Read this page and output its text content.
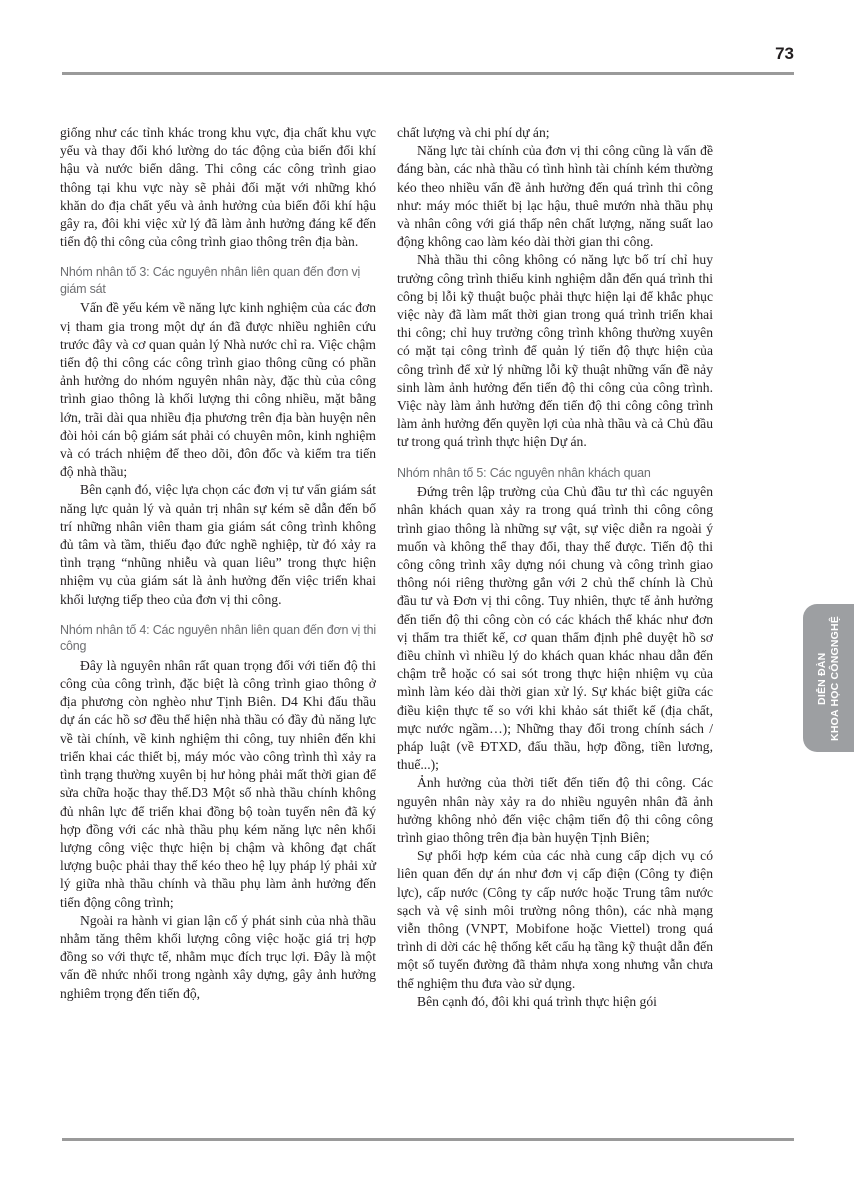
73

giống như các tỉnh khác trong khu vực, địa chất khu vực yếu và thay đổi khó lường do tác động của biến đổi khí hậu và nước biển dâng. Thi công các công trình giao thông tại khu vực này sẽ phải đối mặt với những khó khăn do địa chất yếu và ảnh hưởng của biến đổi khí hậu gây ra, đôi khi việc xử lý đã làm ảnh hưởng đáng kể đến tiến độ thi công của công trình giao thông trên địa bàn.

Nhóm nhân tố 3: Các nguyên nhân liên quan đến đơn vị giám sát

Vấn đề yếu kém về năng lực kinh nghiệm của các đơn vị tham gia trong một dự án đã được nhiều nghiên cứu trước đây và cơ quan quản lý Nhà nước chỉ ra. Việc chậm tiến độ thi công các công trình giao thông cũng có phần ảnh hưởng do nhóm nguyên nhân này, đặc thù của công trình giao thông là khối lượng thi công nhiều, mặt bằng lớn, trãi dài qua nhiều địa phương trên địa bàn huyện nên đòi hỏi cán bộ giám sát phải có chuyên môn, kinh nghiệm và có trách nhiệm để theo dõi, đôn đốc và kiểm tra tiến độ nhà thầu;

Bên cạnh đó, việc lựa chọn các đơn vị tư vấn giám sát năng lực quản lý và quản trị nhân sự kém sẽ dẫn đến bố trí những nhân viên tham gia giám sát công trình không đủ tâm và tầm, thiếu đạo đức nghề nghiệp, từ đó xảy ra tình trạng “nhũng nhiễu và quan liêu” trong thực hiện nhiệm vụ của giám sát là ảnh hưởng đến việc triển khai khối lượng tiếp theo của đơn vị thi công.

Nhóm nhân tố 4: Các nguyên nhân liên quan đến đơn vị thi công

Đây là nguyên nhân rất quan trọng đối với tiến độ thi công của công trình, đặc biệt là công trình giao thông ở địa phương còn nghèo như Tịnh Biên. D4 Khi đấu thầu dự án các hồ sơ đều thể hiện nhà thầu có đầy đủ năng lực về tài chính, về kinh nghiệm thi công, tuy nhiên đến khi triển khai các thiết bị, máy móc vào công trình thì xảy ra tình trạng thường xuyên bị hư hỏng phải mất thời gian để sửa chữa hoặc thay thế.D3 Một số nhà thầu chính không đủ nhân lực để triển khai đồng bộ toàn tuyến nên đã ký hợp đồng với các nhà thầu phụ kém năng lực nên khối lượng công việc thực hiện bị chậm và không đạt chất lượng buộc phải thay thế kéo theo hệ lụy pháp lý phải xử lý giữa nhà thầu chính và thầu phụ làm ảnh hưởng đến tiến động công trình;

Ngoài ra hành vi gian lận cố ý phát sinh của nhà thầu nhằm tăng thêm khối lượng công việc hoặc giá trị hợp đồng so với thực tế, nhằm mục đích trục lợi. Đây là một vấn đề nhức nhối trong ngành xây dựng, gây ảnh hưởng nghiêm trọng đến tiến độ,

chất lượng và chi phí dự án;

Năng lực tài chính của đơn vị thi công cũng là vấn đề đáng bàn, các nhà thầu có tình hình tài chính kém thường kéo theo nhiều vấn đề ảnh hưởng đến quá trình thi công như: máy móc thiết bị lạc hậu, thuê mướn nhà thầu phụ và nhân công với giá thấp nên chất lượng, năng suất lao động không cao làm kéo dài thời gian thi công.

Nhà thầu thi công không có năng lực bố trí chỉ huy trưởng công trình thiếu kinh nghiệm dẫn đến quá trình thi công bị lỗi kỹ thuật buộc phải thực hiện lại để khắc phục việc này đã làm mất thời gian trong quá trình triển khai thi công; chỉ huy trưởng công trình không thường xuyên có mặt tại công trình để quản lý tiến độ thực hiện của công trình để xử lý những lỗi kỹ thuật những vấn đề nảy sinh làm ảnh hưởng đến tiến độ thi công của công trình. Việc này làm ảnh hưởng đến tiến độ thi công công trình làm ảnh hưởng đến quyền lợi của nhà thầu và cả Chủ đầu tư trong quá trình thực hiện Dự án.

Nhóm nhân tố 5: Các nguyên nhân khách quan

Đứng trên lập trường của Chủ đầu tư thì các nguyên nhân khách quan xảy ra trong quá trình thi công công trình giao thông là những sự vật, sự việc diễn ra ngoài ý muốn và không thể thay đổi, thay thế được. Tiến độ thi công công trình xây dựng nói chung và công trình giao thông nói riêng thường gắn với 2 chủ thể chính là Chủ đầu tư và Đơn vị thi công. Tuy nhiên, thực tế ảnh hưởng đến tiến độ thi công còn có các khách thể khác như đơn vị thẩm tra thiết kế, cơ quan thẩm định phê duyệt hồ sơ điều chỉnh vì nhiều lý do khách quan khác nhau dẫn đến chậm trễ hoặc có sai sót trong thực hiện nhiệm vụ của mình làm kéo dài thời gian xử lý. Sự khác biệt giữa các điều kiện thực tế so với khi khảo sát thiết kế (địa chất, mực nước ngầm…); Những thay đổi trong chính sách / pháp luật (về ĐTXD, đấu thầu, hợp đồng, tiền lương, thuế...);

Ảnh hưởng của thời tiết đến tiến độ thi công. Các nguyên nhân này xảy ra do nhiều nguyên nhân đã ảnh hưởng không nhỏ đến việc chậm tiến độ thi công công trình giao thông trên địa bàn huyện Tịnh Biên;

Sự phối hợp kém của các nhà cung cấp dịch vụ có liên quan đến dự án như đơn vị cấp điện (Công ty điện lực), cấp nước (Công ty cấp nước hoặc Trung tâm nước sạch và vệ sinh môi trường nông thôn), các nhà mạng viễn thông (VNPT, Mobifone hoặc Viettel) trong quá trình di dời các hệ thống kết cấu hạ tầng kỹ thuật dẫn đến một số tuyến đường đã thảm nhựa xong nhưng vẫn chưa thể nghiệm thu đưa vào sử dụng.

Bên cạnh đó, đôi khi quá trình thực hiện gói

DIỄN ĐÀN KHOA HỌC CÔNGNGHỆ
